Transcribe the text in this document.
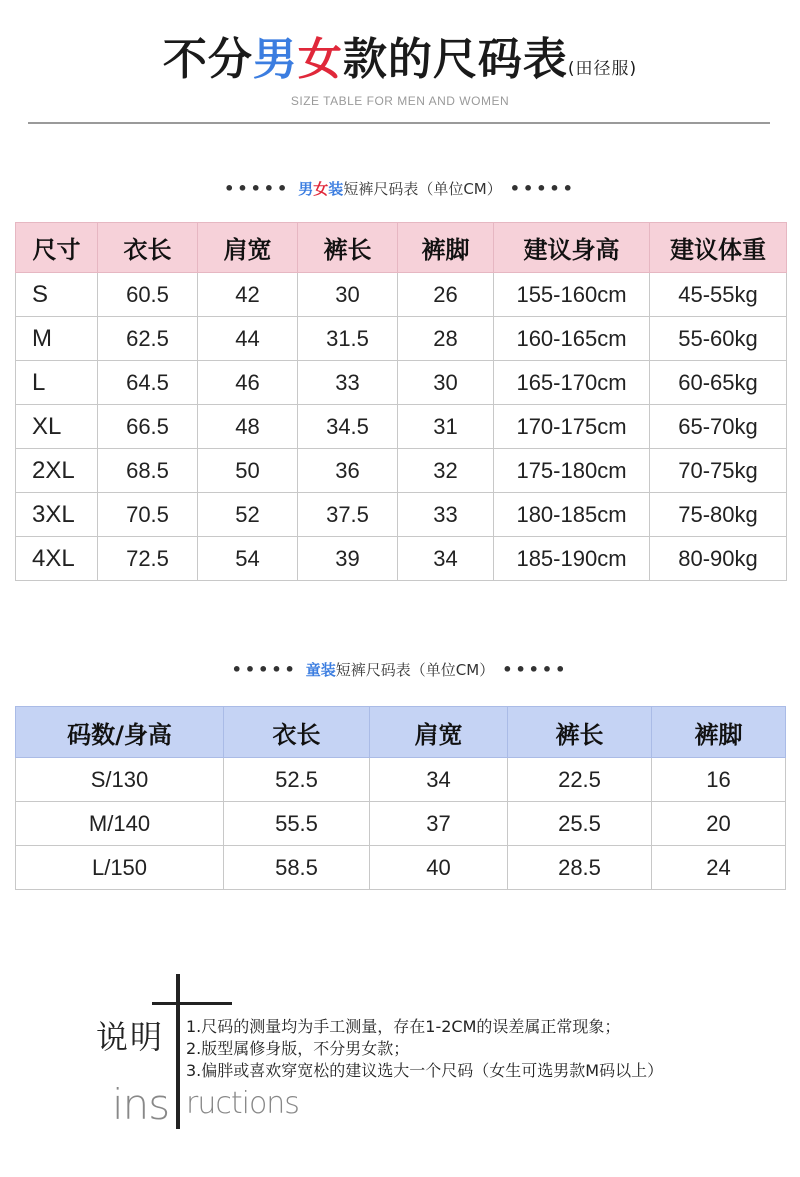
不分男女款的尺码表(田径服)
SIZE TABLE FOR MEN AND WOMEN
••••• 男女装短裤尺码表（单位CM） •••••
尺寸	衣长	肩宽	裤长	裤脚	建议身高	建议体重
S	60.5	42	30	26	155-160cm	45-55kg
M	62.5	44	31.5	28	160-165cm	55-60kg
L	64.5	46	33	30	165-170cm	60-65kg
XL	66.5	48	34.5	31	170-175cm	65-70kg
2XL	68.5	50	36	32	175-180cm	70-75kg
3XL	70.5	52	37.5	33	180-185cm	75-80kg
4XL	72.5	54	39	34	185-190cm	80-90kg
••••• 童装短裤尺码表（单位CM） •••••
码数/身高	衣长	肩宽	裤长	裤脚
S/130	52.5	34	22.5	16
M/140	55.5	37	25.5	20
L/150	58.5	40	28.5	24
说明 1.尺码的测量均为手工测量，存在1-2CM的误差属正常现象；
2.版型属修身版，不分男女款；
3.偏胖或喜欢穿宽松的建议选大一个尺码（女生可选男款M码以上）
ins ructions
